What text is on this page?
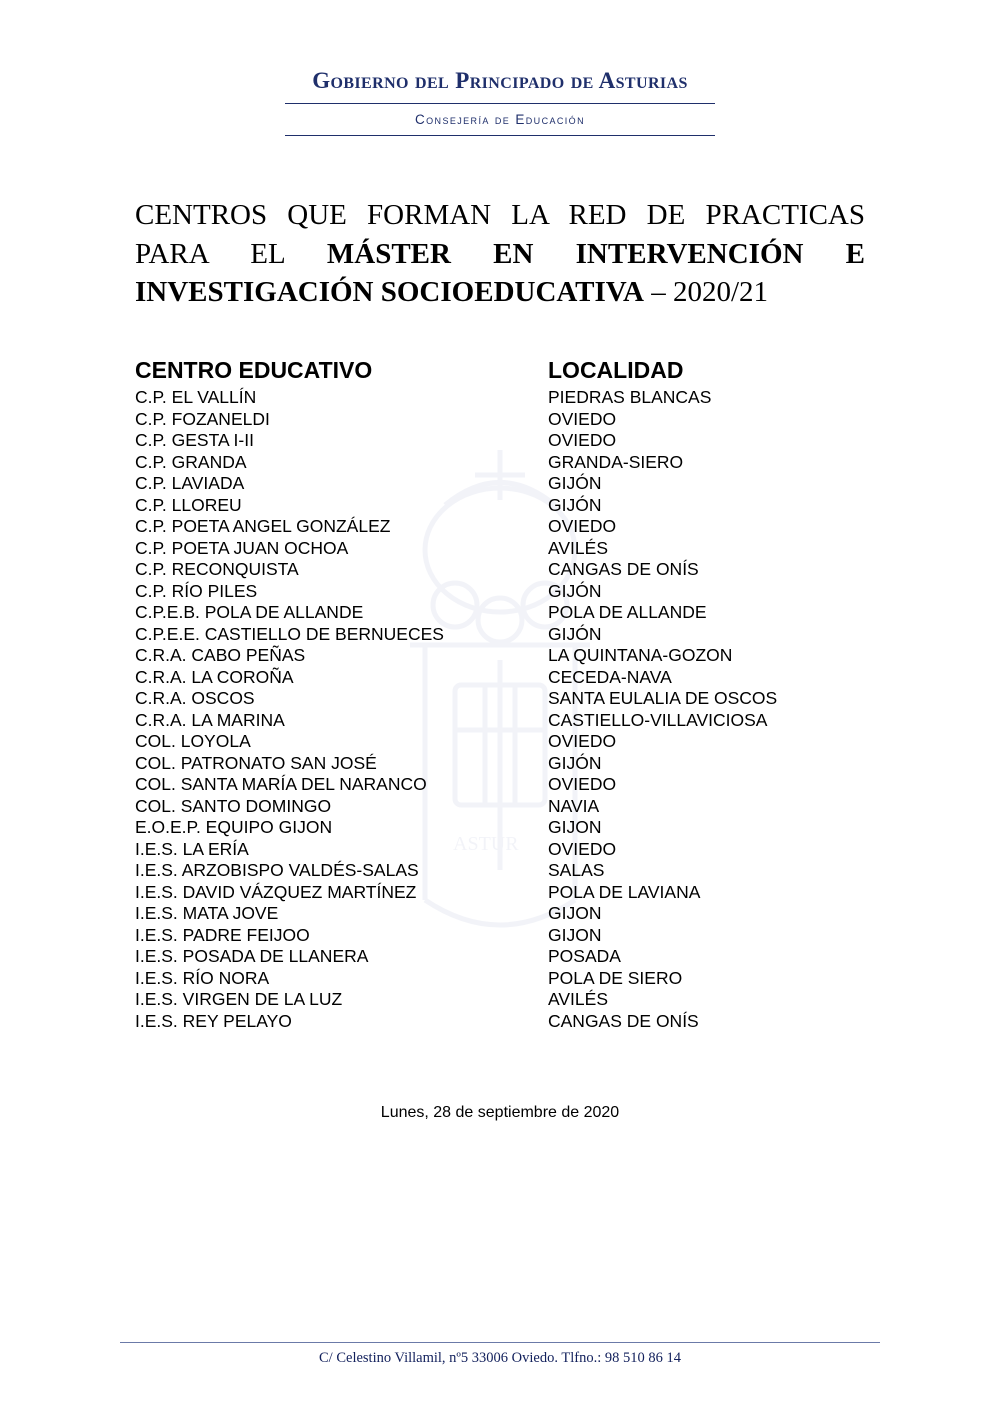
Gobierno del Principado de Asturias
Consejería de Educación
ASTUR
CENTROS QUE FORMAN LA RED DE PRACTICAS PARA EL MÁSTER EN INTERVENCIÓN E INVESTIGACIÓN SOCIOEDUCATIVA – 2020/21
CENTRO EDUCATIVO	LOCALIDAD
C.P. EL VALLÍN	PIEDRAS BLANCAS
C.P. FOZANELDI	OVIEDO
C.P. GESTA I-II	OVIEDO
C.P. GRANDA	GRANDA-SIERO
C.P. LAVIADA	GIJÓN
C.P. LLOREU	GIJÓN
C.P. POETA ANGEL GONZÁLEZ	OVIEDO
C.P. POETA JUAN OCHOA	AVILÉS
C.P. RECONQUISTA	CANGAS DE ONÍS
C.P. RÍO PILES	GIJÓN
C.P.E.B. POLA DE ALLANDE	POLA DE ALLANDE
C.P.E.E. CASTIELLO DE BERNUECES	GIJÓN
C.R.A. CABO PEÑAS	LA QUINTANA-GOZON
C.R.A. LA COROÑA	CECEDA-NAVA
C.R.A. OSCOS	SANTA EULALIA DE OSCOS
C.R.A. LA MARINA	CASTIELLO-VILLAVICIOSA
COL. LOYOLA	OVIEDO
COL. PATRONATO SAN JOSÉ	GIJÓN
COL. SANTA MARÍA DEL NARANCO	OVIEDO
COL. SANTO DOMINGO	NAVIA
E.O.E.P. EQUIPO GIJON	GIJON
I.E.S. LA ERÍA	OVIEDO
I.E.S. ARZOBISPO VALDÉS-SALAS	SALAS
I.E.S. DAVID VÁZQUEZ MARTÍNEZ	POLA DE LAVIANA
I.E.S. MATA JOVE	GIJON
I.E.S. PADRE FEIJOO	GIJON
I.E.S. POSADA DE LLANERA	POSADA
I.E.S. RÍO NORA	POLA DE SIERO
I.E.S. VIRGEN DE LA LUZ	AVILÉS
I.E.S. REY PELAYO	CANGAS DE ONÍS
Lunes, 28 de septiembre de 2020
C/ Celestino Villamil, nº5 33006 Oviedo. Tlfno.: 98 510 86 14
